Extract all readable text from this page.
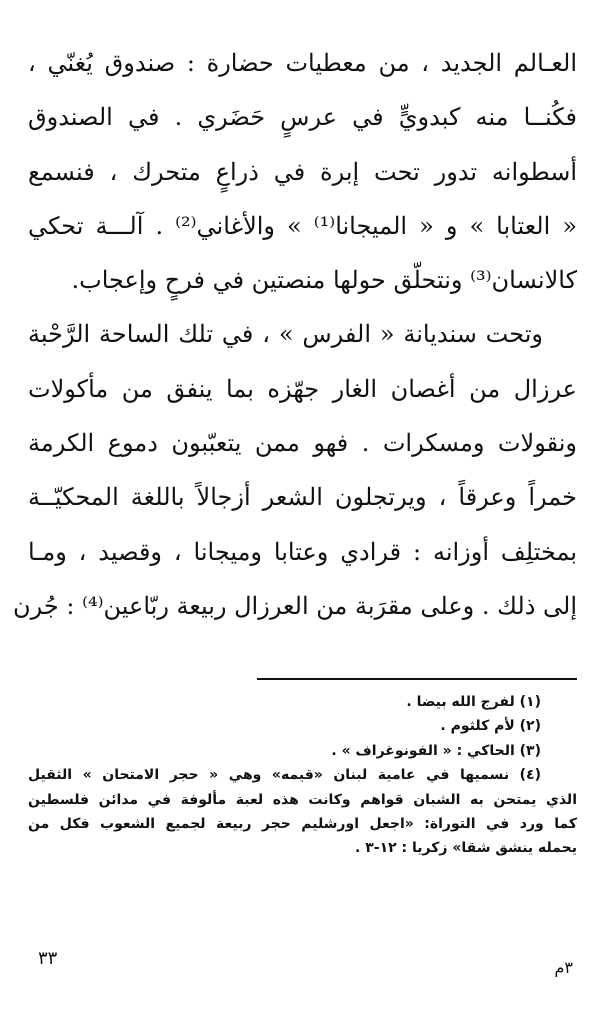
العـالم الجديد ، من معطيات حضارة : صندوق يُغنّي ،
فكُنــا منه كبدويٍّ في عرسٍ حَضَري . في الصندوق
أسطوانه تدور تحت إبرة في ذراعٍ متحرك ، فنسمع
« العتابا » و « الميجانا⁽¹⁾ » والأغاني⁽²⁾ . آلـــة تحكي
كالانسان⁽³⁾ ونتحلّق حولها منصتين في فرحٍ وإعجاب.
وتحت سنديانة « الفرس » ، في تلك الساحة الرَّحْبة
عرزال من أغصان الغار جهّزه بما ينفق من مأكولات
ونقولات ومسكرات . فهو ممن يتعبّبون دموع الكرمة
خمراً وعرقاً ، ويرتجلون الشعر أزجالاً باللغة المحكيّــة
بمختلِف أوزانه : قرادي وعتابا وميجانا ، وقصيد ، ومـا
إلى ذلك . وعلى مقرَبة من العرزال ربيعة ربّاعين⁽⁴⁾ : جُرن
(١) لفرج الله بيضا .
(٢) لأم كلثوم .
(٣) الحاكي : « الفونوغراف » .
(٤) نسميها في عامية لبنان «قيمه» وهي « حجر الامتحان » الثقيل
الذي يمتحن به الشبان قواهم وكانت هذه لعبة مألوفة في مدائن فلسطين
كما ورد في التوراة: «اجعل اورشليم حجر ربيعة لجميع الشعوب فكل من
يحمله ينشق شقا» زكريا : ١٢-٣ .
٣٣	٣م
